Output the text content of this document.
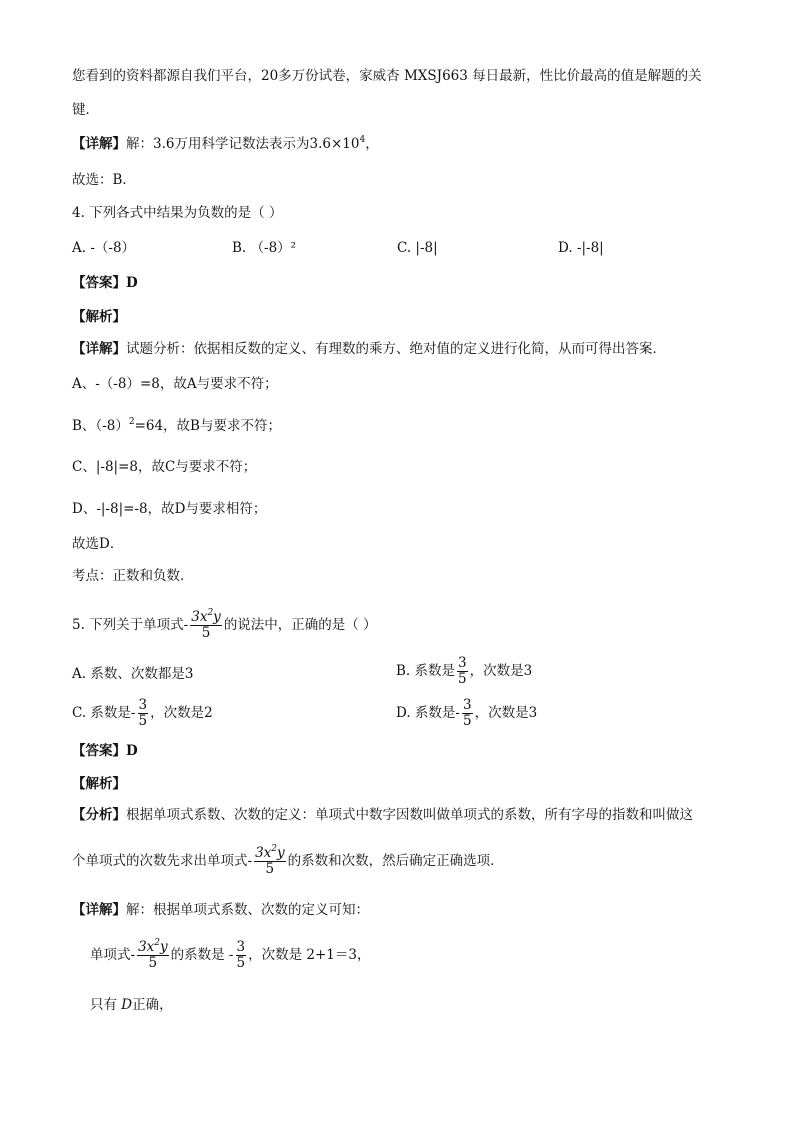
您看到的资料都源自我们平台，20多万份试卷，家威杏 MXSJ663 每日最新，性比价最高的值是解题的关
键．
【详解】解：3.6万用科学记数法表示为$3.6\times 10^4$，
故选：B．
4. 下列各式中结果为负数的是（ ）
A. -（-8）	B. （-8）²	C. |-8|	D. -|-8|
【答案】D
【解析】
【详解】试题分析：依据相反数的定义、有理数的乘方、绝对值的定义进行化简，从而可得出答案．
A、-（-8）=8，故A与要求不符；
B、$(-8)^2=64$，故B与要求不符；
C、|-8|=8，故C与要求不符；
D、-|-8|=-8，故D与要求相符；
故选D．
考点：正数和负数．
5. 下列关于单项式- $\frac{3x^2y}{5}$ 的说法中，正确的是（ ）
A. 系数、次数都是3	B. 系数是 $\frac{3}{5}$ ，次数是3
C. 系数是- $\frac{3}{5}$ ，次数是2	D. 系数是- $\frac{3}{5}$ ，次数是3
【答案】D
【解析】
【分析】根据单项式系数、次数的定义：单项式中数字因数叫做单项式的系数，所有字母的指数和叫做这
个单项式的次数先求出单项式- $\frac{3x^2y}{5}$ 的系数和次数，然后确定正确选项．
【详解】解：根据单项式系数、次数的定义可知：
单项式- $\frac{3x^2y}{5}$ 的系数是 - $\frac{3}{5}$ ，次数是 2+1＝3，
只有 D正确，
